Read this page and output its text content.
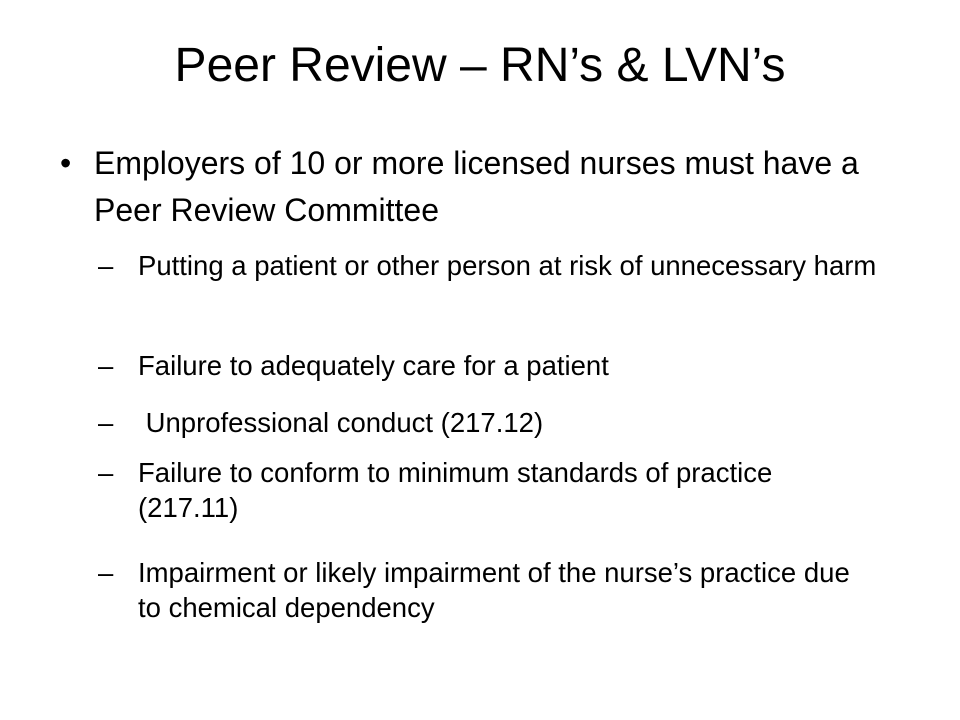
Peer Review – RN’s & LVN’s
• Employers of 10 or more licensed nurses must have a Peer Review Committee
– Putting a patient or other person at risk of unnecessary harm
– Failure to adequately care for a patient
– Unprofessional conduct (217.12)
– Failure to conform to minimum standards of practice (217.11)
– Impairment or likely impairment of the nurse’s practice due to chemical dependency
